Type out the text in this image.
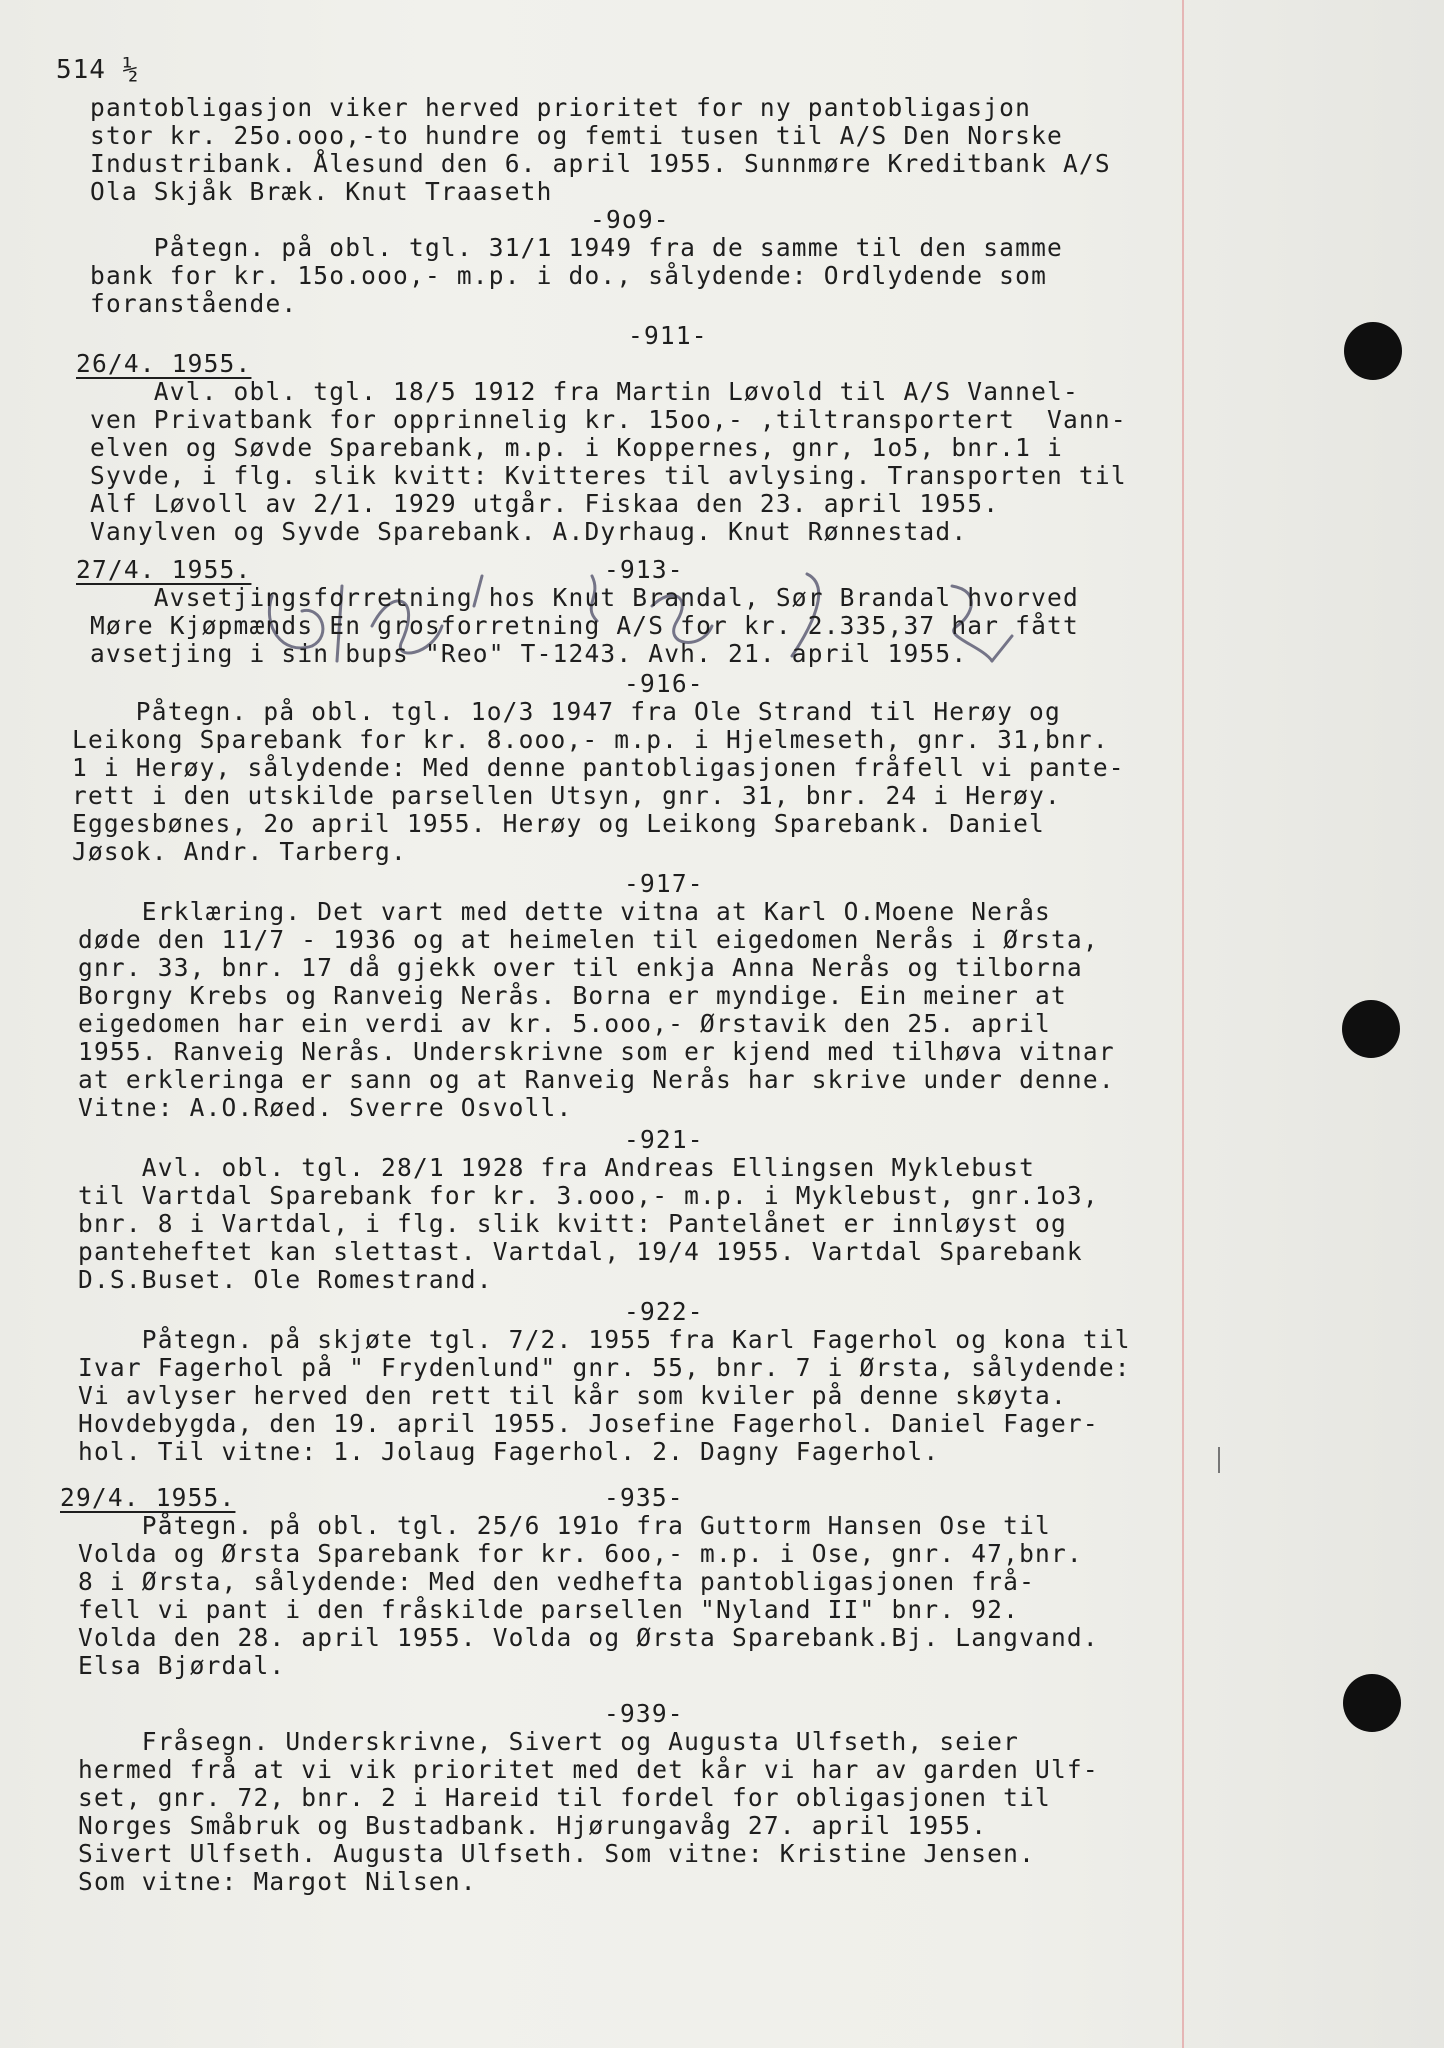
514 ½
pantobligasjon viker herved prioritet for ny pantobligasjon
stor kr. 25o.ooo,-to hundre og femti tusen til A/S Den Norske
Industribank. Ålesund den 6. april 1955. Sunnmøre Kreditbank A/S
Ola Skjåk Bræk. Knut Traaseth
-9o9-
Påtegn. på obl. tgl. 31/1 1949 fra de samme til den samme
bank for kr. 15o.ooo,- m.p. i do., sålydende: Ordlydende som
foranstående.
26/4. 1955.
-911-
Avl. obl. tgl. 18/5 1912 fra Martin Løvold til A/S Vannel-
ven Privatbank for opprinnelig kr. 15oo,- ,tiltransportert  Vann-
elven og Søvde Sparebank, m.p. i Koppernes, gnr, 1o5, bnr.1 i
Syvde, i flg. slik kvitt: Kvitteres til avlysing. Transporten til
Alf Løvoll av 2/1. 1929 utgår. Fiskaa den 23. april 1955.
Vanylven og Syvde Sparebank. A.Dyrhaug. Knut Rønnestad.
27/4. 1955.	-913-
Avsetjingsforretning hos Knut Brandal, Sør Brandal hvorved
Møre Kjøpmænds En grosforretning A/S for kr. 2.335,37 har fått
avsetjing i sin bups "Reo" T-1243. Avh. 21. april 1955.
-916-
Påtegn. på obl. tgl. 1o/3 1947 fra Ole Strand til Herøy og
Leikong Sparebank for kr. 8.ooo,- m.p. i Hjelmeseth, gnr. 31,bnr.
1 i Herøy, sålydende: Med denne pantobligasjonen fråfell vi pante-
rett i den utskilde parsellen Utsyn, gnr. 31, bnr. 24 i Herøy.
Eggesbønes, 2o april 1955. Herøy og Leikong Sparebank. Daniel
Jøsok. Andr. Tarberg.
-917-
Erklæring. Det vart med dette vitna at Karl O.Moene Nerås
døde den 11/7 - 1936 og at heimelen til eigedomen Nerås i Ørsta,
gnr. 33, bnr. 17 då gjekk over til enkja Anna Nerås og tilborna
Borgny Krebs og Ranveig Nerås. Borna er myndige. Ein meiner at
eigedomen har ein verdi av kr. 5.ooo,- Ørstavik den 25. april
1955. Ranveig Nerås. Underskrivne som er kjend med tilhøva vitnar
at erkleringa er sann og at Ranveig Nerås har skrive under denne.
Vitne: A.O.Røed. Sverre Osvoll.
-921-
Avl. obl. tgl. 28/1 1928 fra Andreas Ellingsen Myklebust
til Vartdal Sparebank for kr. 3.ooo,- m.p. i Myklebust, gnr.1o3,
bnr. 8 i Vartdal, i flg. slik kvitt: Pantelånet er innløyst og
panteheftet kan slettast. Vartdal, 19/4 1955. Vartdal Sparebank
D.S.Buset. Ole Romestrand.
-922-
Påtegn. på skjøte tgl. 7/2. 1955 fra Karl Fagerhol og kona til
Ivar Fagerhol på " Frydenlund" gnr. 55, bnr. 7 i Ørsta, sålydende:
Vi avlyser herved den rett til kår som kviler på denne skøyta.
Hovdebygda, den 19. april 1955. Josefine Fagerhol. Daniel Fager-
hol. Til vitne: 1. Jolaug Fagerhol. 2. Dagny Fagerhol.
29/4. 1955.	-935-
Påtegn. på obl. tgl. 25/6 191o fra Guttorm Hansen Ose til
Volda og Ørsta Sparebank for kr. 6oo,- m.p. i Ose, gnr. 47,bnr.
8 i Ørsta, sålydende: Med den vedhefta pantobligasjonen frå-
fell vi pant i den fråskilde parsellen "Nyland II" bnr. 92.
Volda den 28. april 1955. Volda og Ørsta Sparebank.Bj. Langvand.
Elsa Bjørdal.
-939-
Fråsegn. Underskrivne, Sivert og Augusta Ulfseth, seier
hermed frå at vi vik prioritet med det kår vi har av garden Ulf-
set, gnr. 72, bnr. 2 i Hareid til fordel for obligasjonen til
Norges Småbruk og Bustadbank. Hjørungavåg 27. april 1955.
Sivert Ulfseth. Augusta Ulfseth. Som vitne: Kristine Jensen.
Som vitne: Margot Nilsen.
